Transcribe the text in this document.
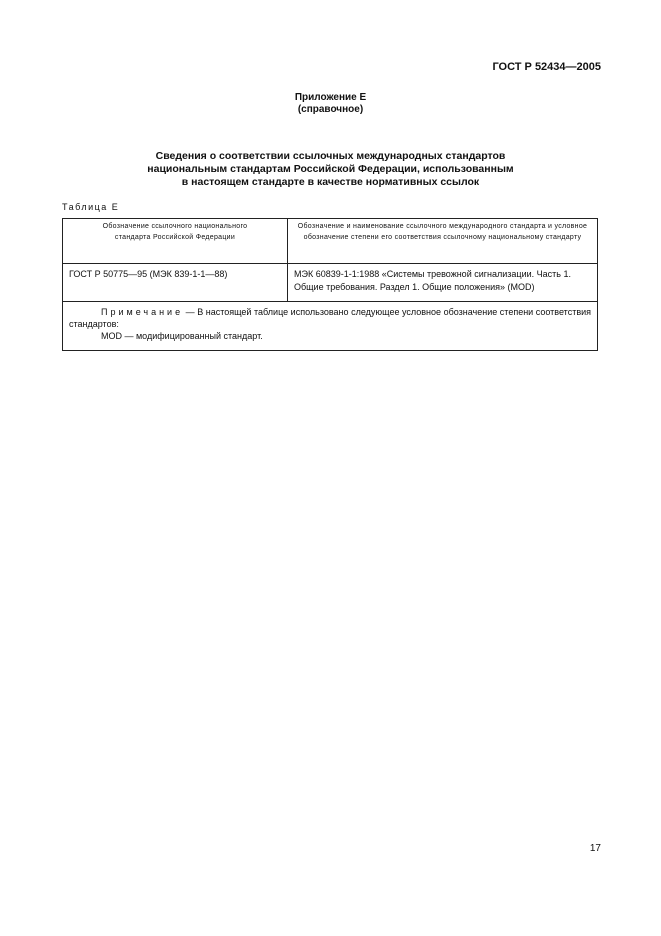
ГОСТ Р 52434—2005
Приложение Е
(справочное)
Сведения о соответствии ссылочных международных стандартов
национальным стандартам Российской Федерации, использованным
в настоящем стандарте в качестве нормативных ссылок
Таблица Е
Обозначение ссылочного национального стандарта Российской Федерации	Обозначение и наименование ссылочного международного стандарта и условное обозначение степени его соответствия ссылочному национальному стандарту
ГОСТ Р 50775—95 (МЭК 839-1-1—88)	МЭК 60839-1-1:1988 «Системы тревожной сигнализации. Часть 1. Общие требования. Раздел 1. Общие положения» (MOD)

Примечание — В настоящей таблице использовано следующее условное обозначение степени соответствия стандартов:
MOD — модифицированный стандарт.	
17
